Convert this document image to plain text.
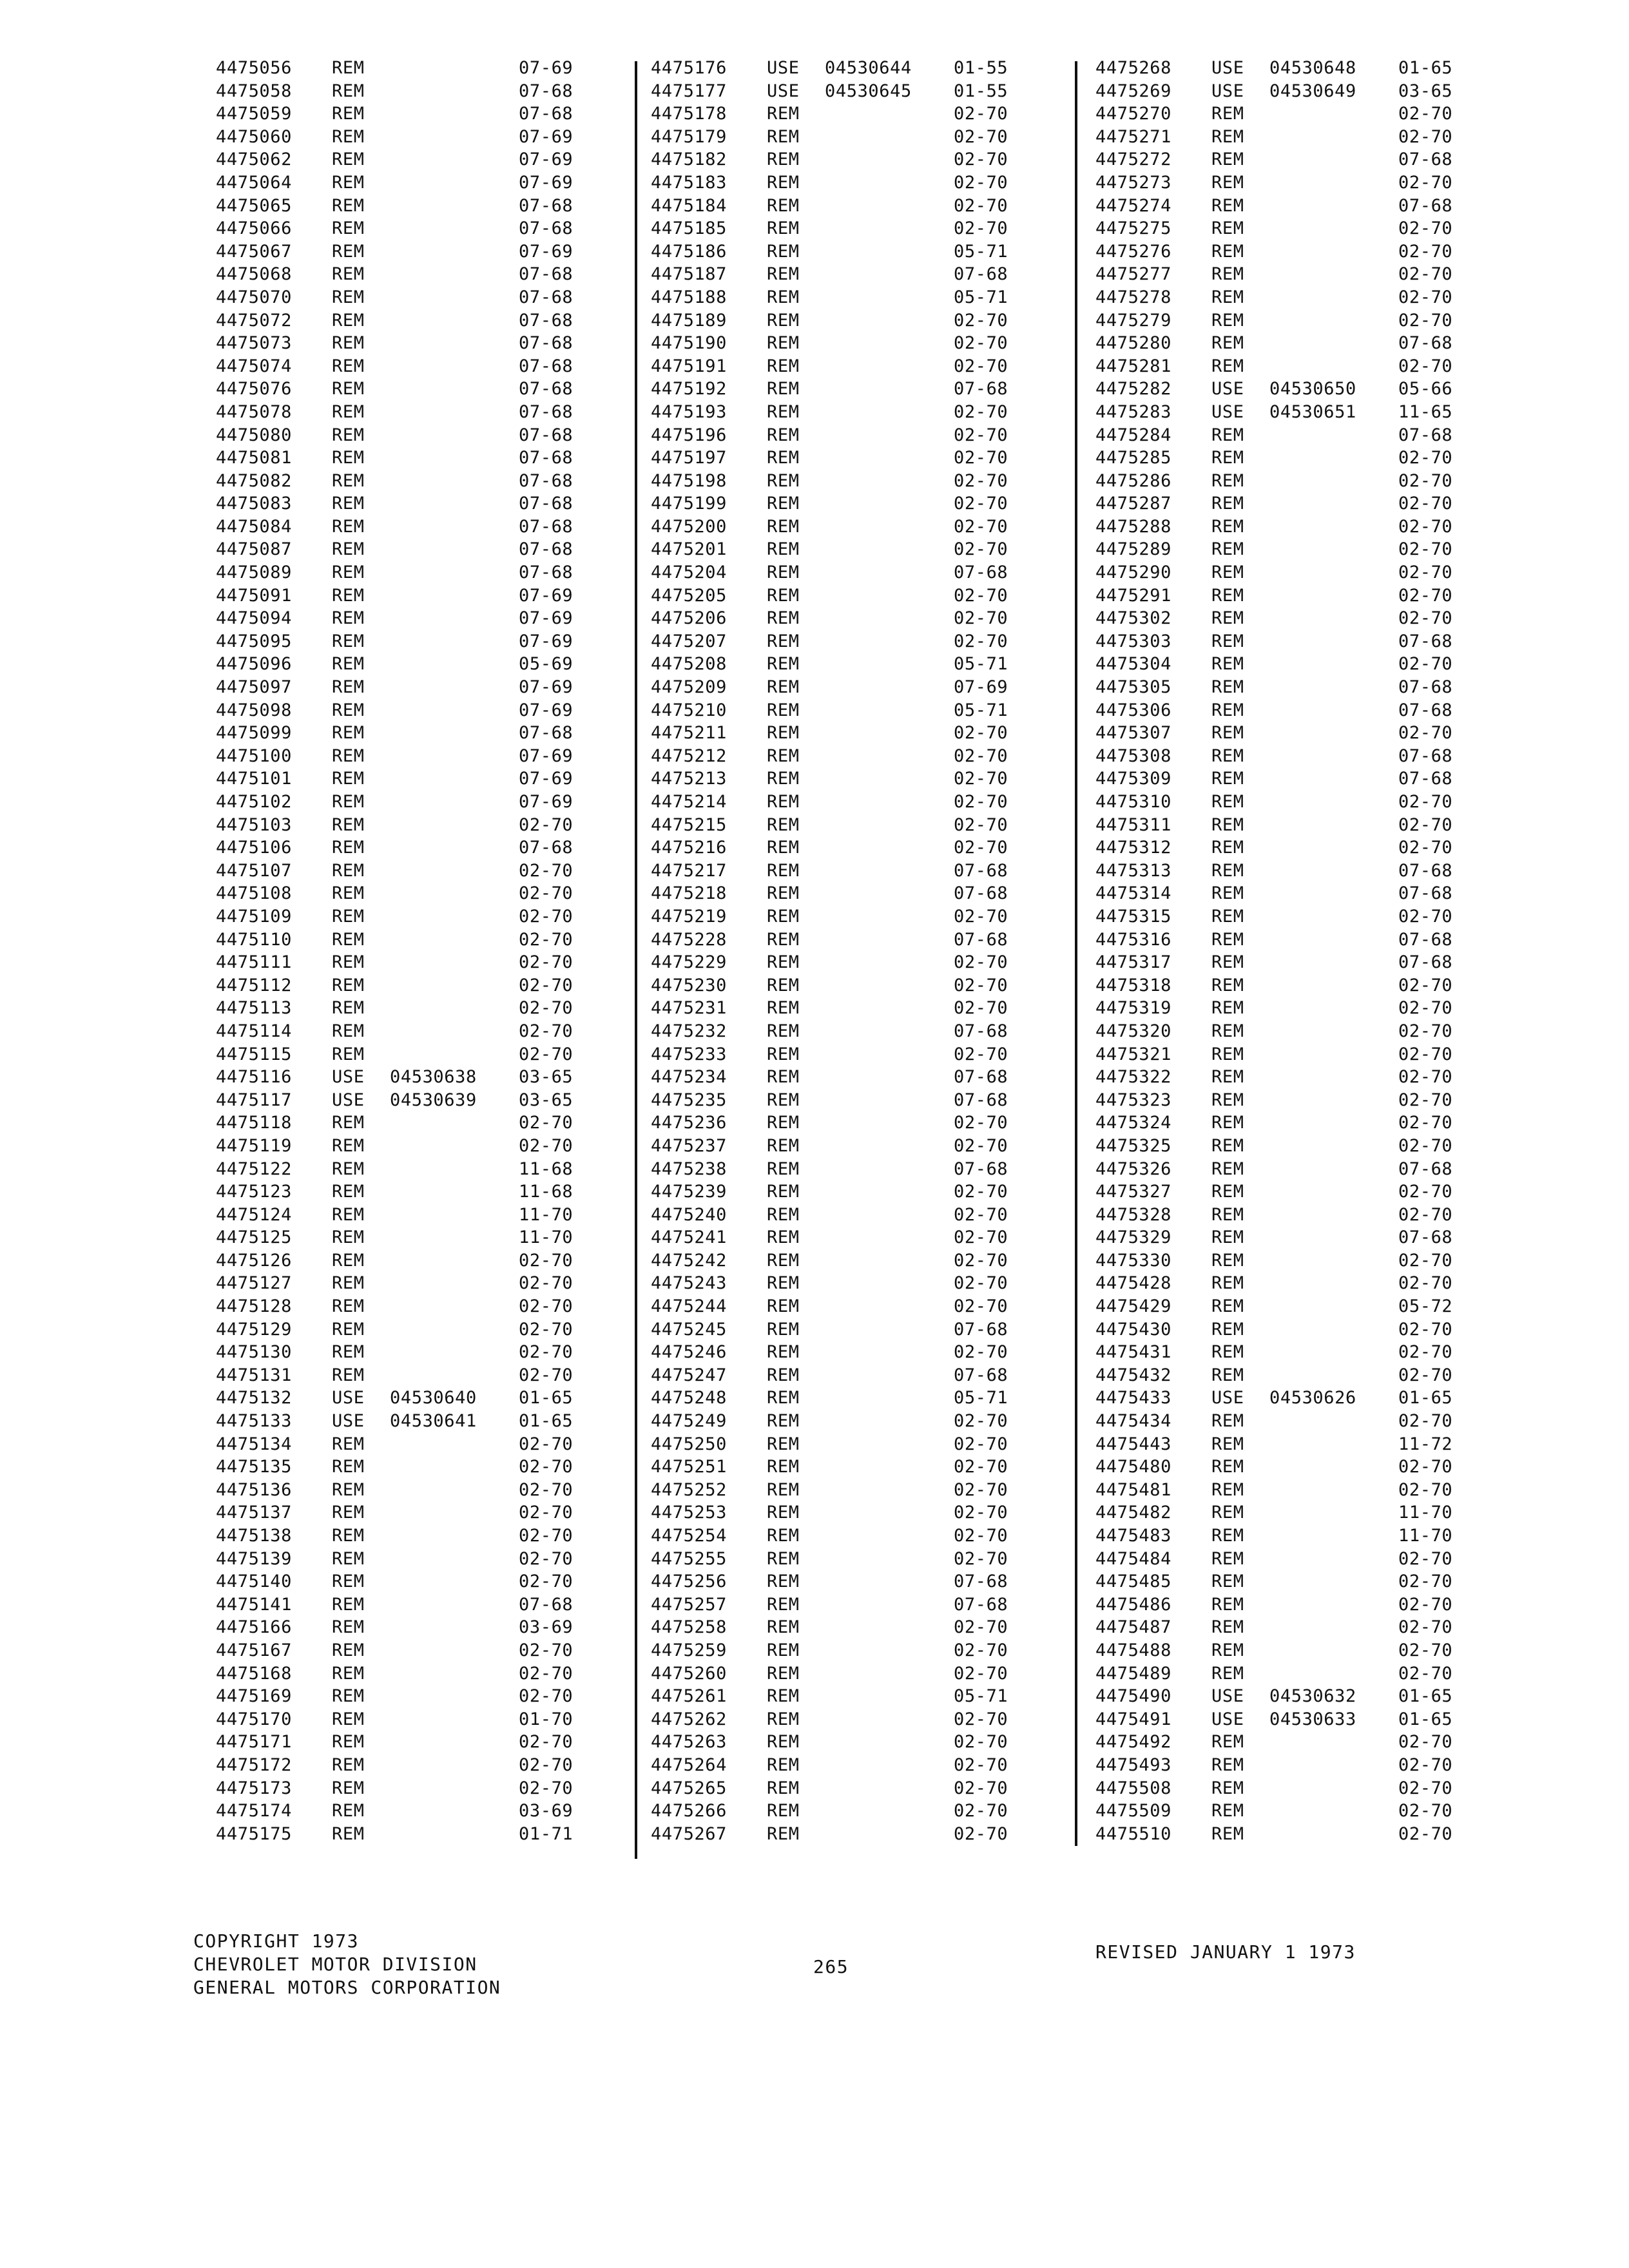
4475056 REM	07-69
4475058 REM	07-68
4475059 REM	07-68
4475060 REM	07-69
4475062 REM	07-69
4475064 REM	07-69
4475065 REM	07-68
4475066 REM	07-68
4475067 REM	07-69
4475068 REM	07-68
4475070 REM	07-68
4475072 REM	07-68
4475073 REM	07-68
4475074 REM	07-68
4475076 REM	07-68
4475078 REM	07-68
4475080 REM	07-68
4475081 REM	07-68
4475082 REM	07-68
4475083 REM	07-68
4475084 REM	07-68
4475087 REM	07-68
4475089 REM	07-68
4475091 REM	07-69
4475094 REM	07-69
4475095 REM	07-69
4475096 REM	05-69
4475097 REM	07-69
4475098 REM	07-69
4475099 REM	07-68
4475100 REM	07-69
4475101 REM	07-69
4475102 REM	07-69
4475103 REM	02-70
4475106 REM	07-68
4475107 REM	02-70
4475108 REM	02-70
4475109 REM	02-70
4475110 REM	02-70
4475111 REM	02-70
4475112 REM	02-70
4475113 REM	02-70
4475114 REM	02-70
4475115 REM	02-70
4475116 USE 04530638 03-65
4475117 USE 04530639 03-65
4475118 REM	02-70
4475119 REM	02-70
4475122 REM	11-68
4475123 REM	11-68
4475124 REM	11-70
4475125 REM	11-70
4475126 REM	02-70
4475127 REM	02-70
4475128 REM	02-70
4475129 REM	02-70
4475130 REM	02-70
4475131 REM	02-70
4475132 USE 04530640 01-65
4475133 USE 04530641 01-65
4475134 REM	02-70
4475135 REM	02-70
4475136 REM	02-70
4475137 REM	02-70
4475138 REM	02-70
4475139 REM	02-70
4475140 REM	02-70
4475141 REM	07-68
4475166 REM	03-69
4475167 REM	02-70
4475168 REM	02-70
4475169 REM	02-70
4475170 REM	01-70
4475171 REM	02-70
4475172 REM	02-70
4475173 REM	02-70
4475174 REM	03-69
4475175 REM	01-71
4475176 USE 04530644 01-55
4475177 USE 04530645 01-55
4475178 REM	02-70
4475179 REM	02-70
4475182 REM	02-70
4475183 REM	02-70
4475184 REM	02-70
4475185 REM	02-70
4475186 REM	05-71
4475187 REM	07-68
4475188 REM	05-71
4475189 REM	02-70
4475190 REM	02-70
4475191 REM	02-70
4475192 REM	07-68
4475193 REM	02-70
4475196 REM	02-70
4475197 REM	02-70
4475198 REM	02-70
4475199 REM	02-70
4475200 REM	02-70
4475201 REM	02-70
4475204 REM	07-68
4475205 REM	02-70
4475206 REM	02-70
4475207 REM	02-70
4475208 REM	05-71
4475209 REM	07-69
4475210 REM	05-71
4475211 REM	02-70
4475212 REM	02-70
4475213 REM	02-70
4475214 REM	02-70
4475215 REM	02-70
4475216 REM	02-70
4475217 REM	07-68
4475218 REM	07-68
4475219 REM	02-70
4475228 REM	07-68
4475229 REM	02-70
4475230 REM	02-70
4475231 REM	02-70
4475232 REM	07-68
4475233 REM	02-70
4475234 REM	07-68
4475235 REM	07-68
4475236 REM	02-70
4475237 REM	02-70
4475238 REM	07-68
4475239 REM	02-70
4475240 REM	02-70
4475241 REM	02-70
4475242 REM	02-70
4475243 REM	02-70
4475244 REM	02-70
4475245 REM	07-68
4475246 REM	02-70
4475247 REM	07-68
4475248 REM	05-71
4475249 REM	02-70
4475250 REM	02-70
4475251 REM	02-70
4475252 REM	02-70
4475253 REM	02-70
4475254 REM	02-70
4475255 REM	02-70
4475256 REM	07-68
4475257 REM	07-68
4475258 REM	02-70
4475259 REM	02-70
4475260 REM	02-70
4475261 REM	05-71
4475262 REM	02-70
4475263 REM	02-70
4475264 REM	02-70
4475265 REM	02-70
4475266 REM	02-70
4475267 REM	02-70
4475268 USE 04530648 01-65
4475269 USE 04530649 03-65
4475270 REM	02-70
4475271 REM	02-70
4475272 REM	07-68
4475273 REM	02-70
4475274 REM	07-68
4475275 REM	02-70
4475276 REM	02-70
4475277 REM	02-70
4475278 REM	02-70
4475279 REM	02-70
4475280 REM	07-68
4475281 REM	02-70
4475282 USE 04530650 05-66
4475283 USE 04530651 11-65
4475284 REM	07-68
4475285 REM	02-70
4475286 REM	02-70
4475287 REM	02-70
4475288 REM	02-70
4475289 REM	02-70
4475290 REM	02-70
4475291 REM	02-70
4475302 REM	02-70
4475303 REM	07-68
4475304 REM	02-70
4475305 REM	07-68
4475306 REM	07-68
4475307 REM	02-70
4475308 REM	07-68
4475309 REM	07-68
4475310 REM	02-70
4475311 REM	02-70
4475312 REM	02-70
4475313 REM	07-68
4475314 REM	07-68
4475315 REM	02-70
4475316 REM	07-68
4475317 REM	07-68
4475318 REM	02-70
4475319 REM	02-70
4475320 REM	02-70
4475321 REM	02-70
4475322 REM	02-70
4475323 REM	02-70
4475324 REM	02-70
4475325 REM	02-70
4475326 REM	07-68
4475327 REM	02-70
4475328 REM	02-70
4475329 REM	07-68
4475330 REM	02-70
4475428 REM	02-70
4475429 REM	05-72
4475430 REM	02-70
4475431 REM	02-70
4475432 REM	02-70
4475433 USE 04530626 01-65
4475434 REM	02-70
4475443 REM	11-72
4475480 REM	02-70
4475481 REM	02-70
4475482 REM	11-70
4475483 REM	11-70
4475484 REM	02-70
4475485 REM	02-70
4475486 REM	02-70
4475487 REM	02-70
4475488 REM	02-70
4475489 REM	02-70
4475490 USE 04530632 01-65
4475491 USE 04530633 01-65
4475492 REM	02-70
4475493 REM	02-70
4475508 REM	02-70
4475509 REM	02-70
4475510 REM	02-70
COPYRIGHT 1973
CHEVROLET MOTOR DIVISION
GENERAL MOTORS CORPORATION
265
REVISED JANUARY 1 1973
